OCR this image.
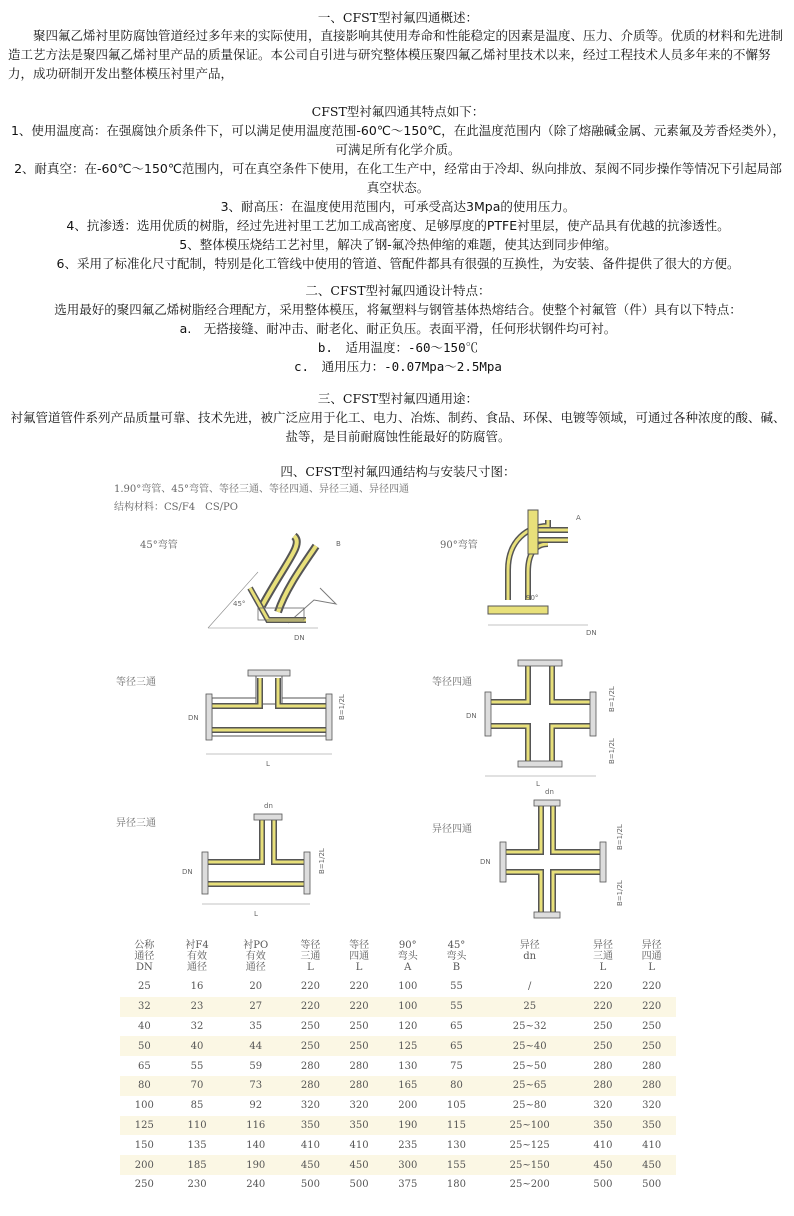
一、CFST型衬氟四通概述：
聚四氟乙烯衬里防腐蚀管道经过多年来的实际使用，直接影响其使用寿命和性能稳定的因素是温度、压力、介质等。优质的材料和先进制造工艺方法是聚四氟乙烯衬里产品的质量保证。本公司自引进与研究整体模压聚四氟乙烯衬里技术以来，经过工程技术人员多年来的不懈努力，成功研制开发出整体模压衬里产品，
CFST型衬氟四通其特点如下：
1、使用温度高：在强腐蚀介质条件下，可以满足使用温度范围-60℃～150℃，在此温度范围内（除了熔融碱金属、元素氟及芳香烃类外），可满足所有化学介质。
2、耐真空：在-60℃～150℃范围内，可在真空条件下使用，在化工生产中，经常由于冷却、纵向排放、泵阀不同步操作等情况下引起局部真空状态。
3、耐高压：在温度使用范围内，可承受高达3Mpa的使用压力。
4、抗渗透：选用优质的树脂，经过先进衬里工艺加工成高密度、足够厚度的PTFE衬里层，使产品具有优越的抗渗透性。
5、整体模压烧结工艺衬里，解决了钢-氟冷热伸缩的难题，使其达到同步伸缩。
6、采用了标准化尺寸配制，特别是化工管线中使用的管道、管配件都具有很强的互换性，为安装、备件提供了很大的方便。
二、CFST型衬氟四通设计特点：
选用最好的聚四氟乙烯树脂经合理配方，采用整体模压，将氟塑料与钢管基体热熔结合。使整个衬氟管（件）具有以下特点：
a.　无搭接缝、耐冲击、耐老化、耐正负压。表面平滑，任何形状钢件均可衬。
b.　适用温度：-60～150℃
c.　通用压力：-0.07Mpa～2.5Mpa
三、CFST型衬氟四通用途：
衬氟管道管件系列产品质量可靠、技术先进，被广泛应用于化工、电力、冶炼、制药、食品、环保、电镀等领域，可通过各种浓度的酸、碱、盐等，是目前耐腐蚀性能最好的防腐管。
四、CFST型衬氟四通结构与安装尺寸图：
1.90°弯管、45°弯管、等径三通、等径四通、异径三通、异径四通
结构材料：CS/F4　CS/PO
45°弯管
45°
DN
B	90°弯管
90°
DN
A
等径三通
L
DN	B=1/2L
等径四通
L
DN
B=1/2L
B=1/2L
异径三通
L
dn
DN	B=1/2L
异径四通
dn
DN
B=1/2L
B=1/2L
公称
通径
DN	衬F4
有效
通径	衬PO
有效
通径	等径
三通
L	等径
四通
L	90°
弯头
A	45°
弯头
B	异径
dn	异径
三通
L	异径
四通
L

25	16	20	220	220	100	55	/	220	220
32	23	27	220	220	100	55	25	220	220
40	32	35	250	250	120	65	25~32	250	250
50	40	44	250	250	125	65	25~40	250	250
65	55	59	280	280	130	75	25~50	280	280
80	70	73	280	280	165	80	25~65	280	280
100	85	92	320	320	200	105	25~80	320	320
125	110	116	350	350	190	115	25~100	350	350
150	135	140	410	410	235	130	25~125	410	410
200	185	190	450	450	300	155	25~150	450	450
250	230	240	500	500	375	180	25~200	500	500
